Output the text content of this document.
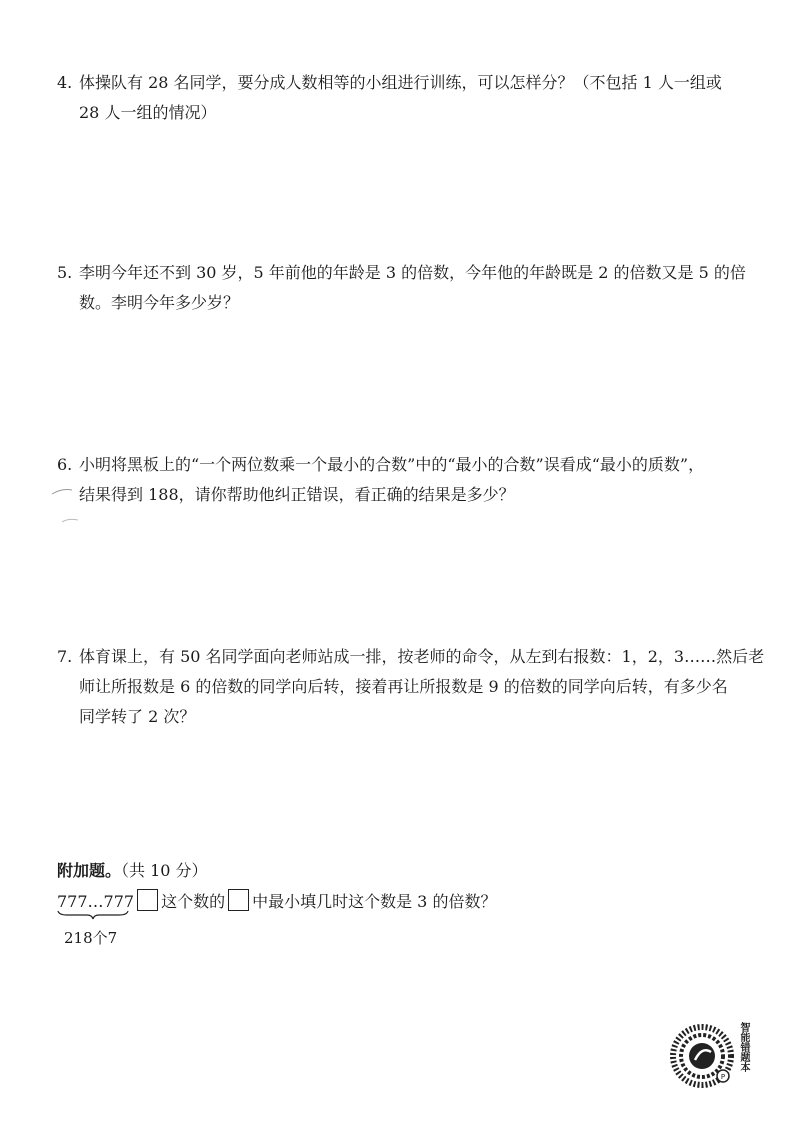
4. 体操队有 28 名同学，要分成人数相等的小组进行训练，可以怎样分？（不包括 1 人一组或
28 人一组的情况）
5. 李明今年还不到 30 岁，5 年前他的年龄是 3 的倍数，今年他的年龄既是 2 的倍数又是 5 的倍
数。李明今年多少岁？
6. 小明将黑板上的“一个两位数乘一个最小的合数”中的“最小的合数”误看成“最小的质数”，
结果得到 188，请你帮助他纠正错误，看正确的结果是多少？
7. 体育课上，有 50 名同学面向老师站成一排，按老师的命令，从左到右报数：1，2，3……然后老
师让所报数是 6 的倍数的同学向后转，接着再让所报数是 9 的倍数的同学向后转，有多少名
同学转了 2 次？
附加题。（共 10 分）
777…777 这个数的 中最小填几时这个数是 3 的倍数？
218个7
P
智能错题本
